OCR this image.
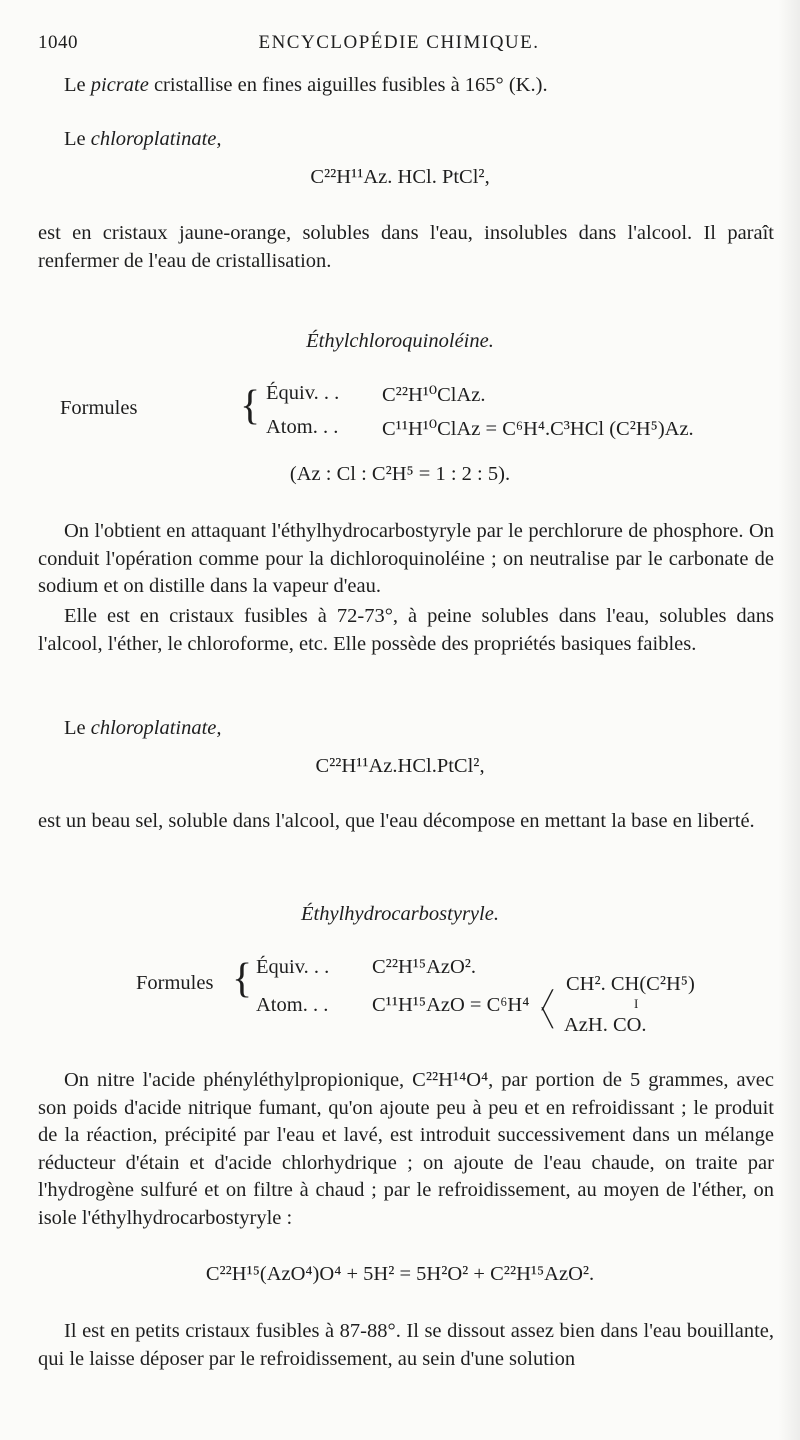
1040	ENCYCLOPÉDIE CHIMIQUE.
Le picrate cristallise en fines aiguilles fusibles à 165° (K.).
Le chloroplatinate,
C²²H¹¹Az. HCl. PtCl²,
est en cristaux jaune-orange, solubles dans l'eau, insolubles dans l'alcool. Il paraît renfermer de l'eau de cristallisation.
Éthylchloroquinoléine.
Formules { Équiv. . . C²²H¹⁰ClAz.
Atom. . . C¹¹H¹⁰ClAz = C⁶H⁴.C³HCl (C²H⁵)Az.
(Az : Cl : C²H⁵ = 1 : 2 : 5).
On l'obtient en attaquant l'éthylhydrocarbostyryle par le perchlorure de phosphore. On conduit l'opération comme pour la dichloroquinoléine ; on neutralise par le carbonate de sodium et on distille dans la vapeur d'eau.
Elle est en cristaux fusibles à 72-73°, à peine solubles dans l'eau, solubles dans l'alcool, l'éther, le chloroforme, etc. Elle possède des propriétés basiques faibles.
Le chloroplatinate,
C²²H¹¹Az.HCl.PtCl²,
est un beau sel, soluble dans l'alcool, que l'eau décompose en mettant la base en liberté.
Éthylhydrocarbostyryle.
Formules { Équiv. . . C²²H¹⁵AzO².
Atom. . . C¹¹H¹⁵AzO = C⁶H⁴ ╱
╲
CH². CH(C²H⁵)
I
AzH. CO.
On nitre l'acide phényléthylpropionique, C²²H¹⁴O⁴, par portion de 5 grammes, avec son poids d'acide nitrique fumant, qu'on ajoute peu à peu et en refroidissant ; le produit de la réaction, précipité par l'eau et lavé, est introduit successivement dans un mélange réducteur d'étain et d'acide chlorhydrique ; on ajoute de l'eau chaude, on traite par l'hydrogène sulfuré et on filtre à chaud ; par le refroidissement, au moyen de l'éther, on isole l'éthylhydrocarbostyryle :
C²²H¹⁵(AzO⁴)O⁴ + 5H² = 5H²O² + C²²H¹⁵AzO².
Il est en petits cristaux fusibles à 87-88°. Il se dissout assez bien dans l'eau bouillante, qui le laisse déposer par le refroidissement, au sein d'une solution
